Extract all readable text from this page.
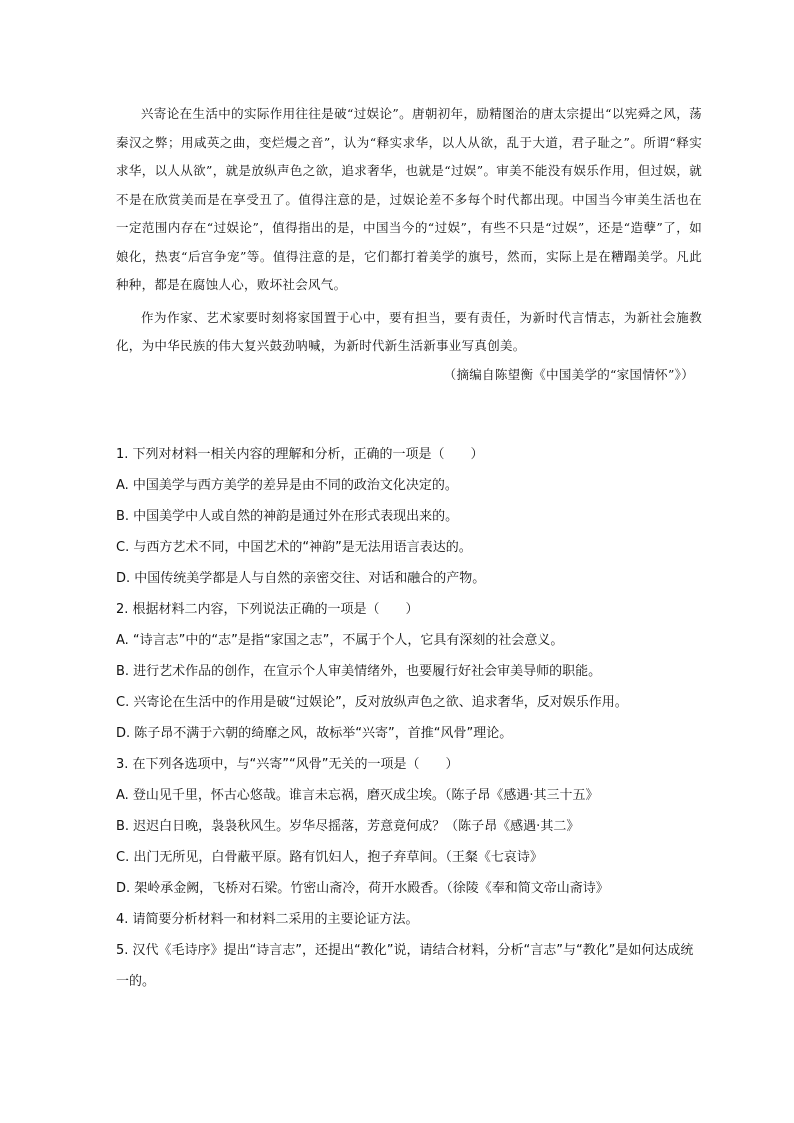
兴寄论在生活中的实际作用往往是破“过娱论”。唐朝初年，励精图治的唐太宗提出“以宪舜之风，荡秦汉之弊；用咸英之曲，变烂熳之音”，认为“释实求华，以人从欲，乱于大道，君子耻之”。所谓“释实求华，以人从欲”，就是放纵声色之欲，追求奢华，也就是“过娱”。审美不能没有娱乐作用，但过娱，就不是在欣赏美而是在享受丑了。值得注意的是，过娱论差不多每个时代都出现。中国当今审美生活也在一定范围内存在“过娱论”，值得指出的是，中国当今的“过娱”，有些不只是“过娱”，还是“造孽”了，如娘化，热衷“后宫争宠”等。值得注意的是，它们都打着美学的旗号，然而，实际上是在糟蹋美学。凡此种种，都是在腐蚀人心，败坏社会风气。

作为作家、艺术家要时刻将家国置于心中，要有担当，要有责任，为新时代言情志，为新社会施教化，为中华民族的伟大复兴鼓劲呐喊，为新时代新生活新事业写真创美。

（摘编自陈望衡《中国美学的“家国情怀”》）

1. 下列对材料一相关内容的理解和分析，正确的一项是（　　）
A. 中国美学与西方美学的差异是由不同的政治文化决定的。
B. 中国美学中人或自然的神韵是通过外在形式表现出来的。
C. 与西方艺术不同，中国艺术的“神韵”是无法用语言表达的。
D. 中国传统美学都是人与自然的亲密交往、对话和融合的产物。
2. 根据材料二内容，下列说法正确的一项是（　　）
A. “诗言志”中的“志”是指“家国之志”，不属于个人，它具有深刻的社会意义。
B. 进行艺术作品的创作，在宣示个人审美情绪外，也要履行好社会审美导师的职能。
C. 兴寄论在生活中的作用是破“过娱论”，反对放纵声色之欲、追求奢华，反对娱乐作用。
D. 陈子昂不满于六朝的绮靡之风，故标举“兴寄”，首推“风骨”理论。
3. 在下列各选项中，与“兴寄”“风骨”无关的一项是（　　）
A. 登山见千里，怀古心悠哉。谁言未忘祸，磨灭成尘埃。（陈子昂《感遇·其三十五》
B. 迟迟白日晚，袅袅秋风生。岁华尽摇落，芳意竟何成？（陈子昂《感遇·其二》
C. 出门无所见，白骨蔽平原。路有饥妇人，抱子弃草间。（王粲《七哀诗》
D. 架岭承金阙，飞桥对石梁。竹密山斋冷，荷开水殿香。（徐陵《奉和简文帝山斋诗》
4. 请简要分析材料一和材料二采用的主要论证方法。
5. 汉代《毛诗序》提出“诗言志”，还提出“教化”说，请结合材料，分析“言志”与“教化”是如何达成统一的。
